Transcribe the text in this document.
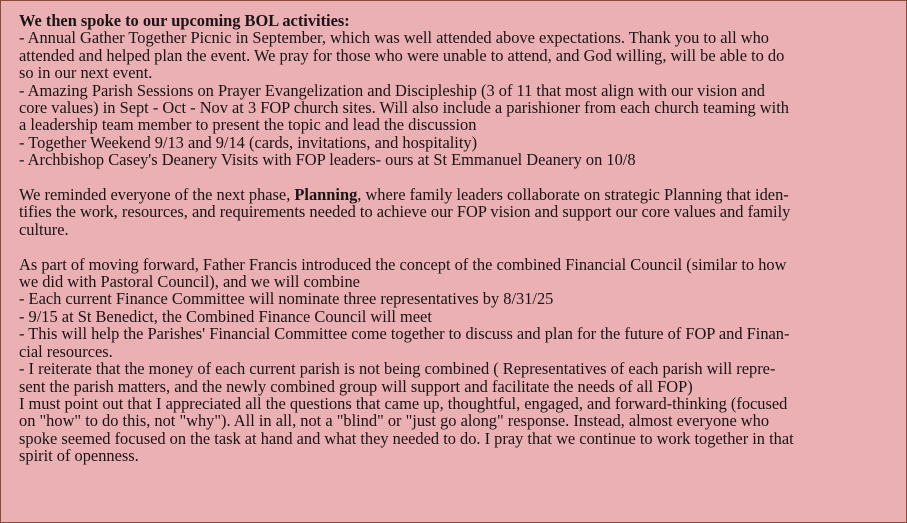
We then spoke to our upcoming BOL activities:
- Annual Gather Together Picnic in September, which was well attended above expectations. Thank you to all who
attended and helped plan the event. We pray for those who were unable to attend, and God willing, will be able to do
so in our next event.
- Amazing Parish Sessions on Prayer Evangelization and Discipleship (3 of 11 that most align with our vision and
core values) in Sept - Oct - Nov at 3 FOP church sites. Will also include a parishioner from each church teaming with
a leadership team member to present the topic and lead the discussion
- Together Weekend 9/13 and 9/14 (cards, invitations, and hospitality)
- Archbishop Casey's Deanery Visits with FOP leaders- ours at St Emmanuel Deanery on 10/8
We reminded everyone of the next phase, Planning, where family leaders collaborate on strategic Planning that iden-
tifies the work, resources, and requirements needed to achieve our FOP vision and support our core values and family
culture.
As part of moving forward, Father Francis introduced the concept of the combined Financial Council (similar to how
we did with Pastoral Council), and we will combine
- Each current Finance Committee will nominate three representatives by 8/31/25
- 9/15 at St Benedict, the Combined Finance Council will meet
- This will help the Parishes' Financial Committee come together to discuss and plan for the future of FOP and Finan-
cial resources.
- I reiterate that the money of each current parish is not being combined ( Representatives of each parish will repre-
sent the parish matters, and the newly combined group will support and facilitate the needs of all FOP)
I must point out that I appreciated all the questions that came up, thoughtful, engaged, and forward-thinking (focused
on "how" to do this, not "why"). All in all, not a "blind" or "just go along" response. Instead, almost everyone who
spoke seemed focused on the task at hand and what they needed to do. I pray that we continue to work together in that
spirit of openness.
